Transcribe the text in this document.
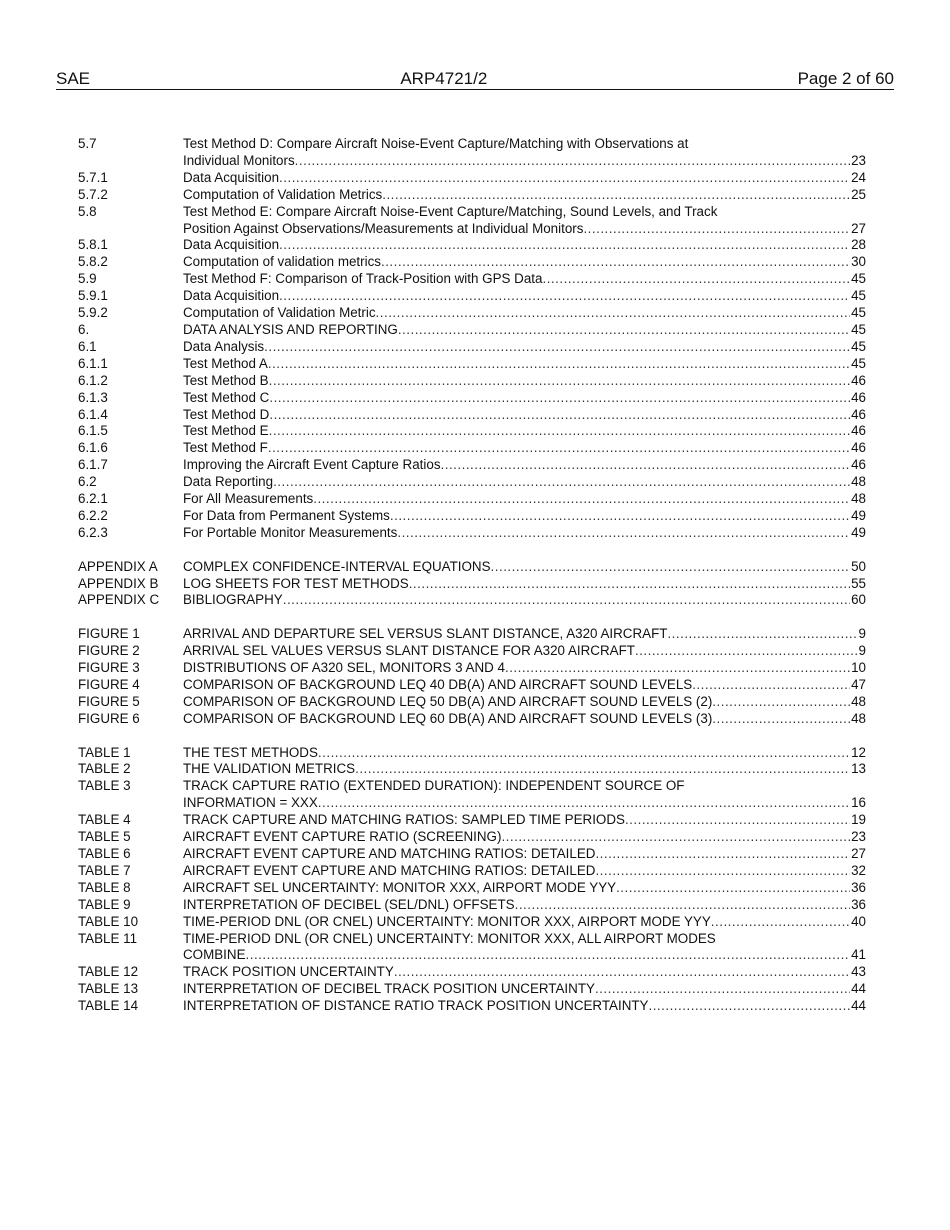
SAE	ARP4721/2	Page 2 of 60
5.7	Test Method D: Compare Aircraft Noise-Event Capture/Matching with Observations at
Individual Monitors .....	23
5.7.1	Data Acquisition .....	24
5.7.2	Computation of Validation Metrics .....	25
5.8	Test Method E: Compare Aircraft Noise-Event Capture/Matching, Sound Levels, and Track
Position Against Observations/Measurements at Individual Monitors .....	27
5.8.1	Data Acquisition .....	28
5.8.2	Computation of validation metrics .....	30
5.9	Test Method F: Comparison of Track-Position with GPS Data .....	45
5.9.1	Data Acquisition .....	45
5.9.2	Computation of Validation Metric .....	45
6.	DATA ANALYSIS AND REPORTING .....	45
6.1	Data Analysis .....	45
6.1.1	Test Method A .....	45
6.1.2	Test Method B .....	46
6.1.3	Test Method C .....	46
6.1.4	Test Method D .....	46
6.1.5	Test Method E .....	46
6.1.6	Test Method F .....	46
6.1.7	Improving the Aircraft Event Capture Ratios .....	46
6.2	Data Reporting .....	48
6.2.1	For All Measurements .....	48
6.2.2	For Data from Permanent Systems .....	49
6.2.3	For Portable Monitor Measurements .....	49
APPENDIX A	COMPLEX CONFIDENCE-INTERVAL EQUATIONS .....	50
APPENDIX B	LOG SHEETS FOR TEST METHODS .....	55
APPENDIX C	BIBLIOGRAPHY .....	60
FIGURE 1	ARRIVAL AND DEPARTURE SEL VERSUS SLANT DISTANCE, A320 AIRCRAFT .....	9
FIGURE 2	ARRIVAL SEL VALUES VERSUS SLANT DISTANCE FOR A320 AIRCRAFT .....	9
FIGURE 3	DISTRIBUTIONS OF A320 SEL, MONITORS 3 AND 4 .....	10
FIGURE 4	COMPARISON OF BACKGROUND LEQ 40 DB(A) AND AIRCRAFT SOUND LEVELS .....	47
FIGURE 5	COMPARISON OF BACKGROUND LEQ 50 DB(A) AND AIRCRAFT SOUND LEVELS (2) .....	48
FIGURE 6	COMPARISON OF BACKGROUND LEQ 60 DB(A) AND AIRCRAFT SOUND LEVELS (3) .....	48
TABLE 1	THE TEST METHODS .....	12
TABLE 2	THE VALIDATION METRICS .....	13
TABLE 3	TRACK CAPTURE RATIO (EXTENDED DURATION): INDEPENDENT SOURCE OF
INFORMATION = XXX .....	16
TABLE 4	TRACK CAPTURE AND MATCHING RATIOS: SAMPLED TIME PERIODS .....	19
TABLE 5	AIRCRAFT EVENT CAPTURE RATIO (SCREENING) .....	23
TABLE 6	AIRCRAFT EVENT CAPTURE AND MATCHING RATIOS: DETAILED .....	27
TABLE 7	AIRCRAFT EVENT CAPTURE AND MATCHING RATIOS: DETAILED .....	32
TABLE 8	AIRCRAFT SEL UNCERTAINTY: MONITOR XXX, AIRPORT MODE YYY .....	36
TABLE 9	INTERPRETATION OF DECIBEL (SEL/DNL) OFFSETS .....	36
TABLE 10	TIME-PERIOD DNL (OR CNEL) UNCERTAINTY: MONITOR XXX, AIRPORT MODE YYY .....	40
TABLE 11	TIME-PERIOD DNL (OR CNEL) UNCERTAINTY: MONITOR XXX, ALL AIRPORT MODES
COMBINE .....	41
TABLE 12	TRACK POSITION UNCERTAINTY .....	43
TABLE 13	INTERPRETATION OF DECIBEL TRACK POSITION UNCERTAINTY .....	44
TABLE 14	INTERPRETATION OF DISTANCE RATIO TRACK POSITION UNCERTAINTY .....	44
